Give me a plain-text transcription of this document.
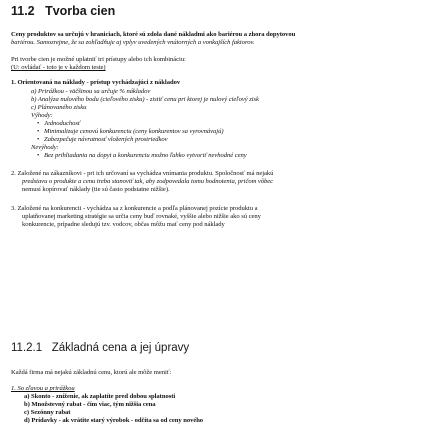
11.2 Tvorba cien
Ceny produktov sa určujú v hraniciach, ktoré sú zdola dané nákladmi ako bariérou a zhora dopytovou
bariérou. Samozrejme, že sa zohľadňuje aj vplyv uvedených vnútorných a vonkajších faktorov.
Pri tvorbe cien je možné uplatniť tri prístupy alebo ich kombináciu:
(U: ovládať - toto je v každom teste)
1. Orientovaná na náklady - prístup vychádzajúci z nákladov
a) Prirážkou - väčšinou sa určuje % nákladov
b) Analýza nulového bodu (cieľového zisku) - zistiť cenu pri ktorej je nulový cieľový zisk
c) Plánovaného zisku
Výhody:
• Jednoduchosť
• Minimalizuje cenovú konkurenciu (ceny konkurentov sa vyrovnávajú)
• Zabezpečuje návratnosť vložených prostriedkov
Nevýhody:
• Bez prihliadania na dopyt a konkurenciu možno ľahko vytvoriť nevhodné ceny
2. Založené na zákazníkovi - pri ich určovaní sa vychádza vnímania produktu. Spoločnosť má nejakú
predstavu o produkte a cenu treba stanoviť tak, aby zodpovedala tomu hodnotenia, pričom vôbec
nemusí kopírovať náklady (tie sú často podstatne nižšie).
3. Založené na konkurencii - vychádza sa z konkurencie a podľa plánovanej pozície produktu a
uplatňovanej marketing stratégie sa určia ceny buď rovnaké, vyššie alebo nižšie ako sú ceny
konkurencie, prípadne sledujú tzv. vodcov, občas môžu mať ceny pod náklady
11.2.1 Základná cena a jej úpravy
Každá firma má nejakú základnú cenu, ktorú ale môže meniť:
1. So zľavou a prirážkou
a) Skonto - zníženie, ak zaplatíte pred dobou splatnosti
b) Množstevný rabat - čím viac, tým nižšia cena
c) Sezónny rabat
d) Prídavky - ak vrátite starý výrobok - odčíta sa od ceny nového
